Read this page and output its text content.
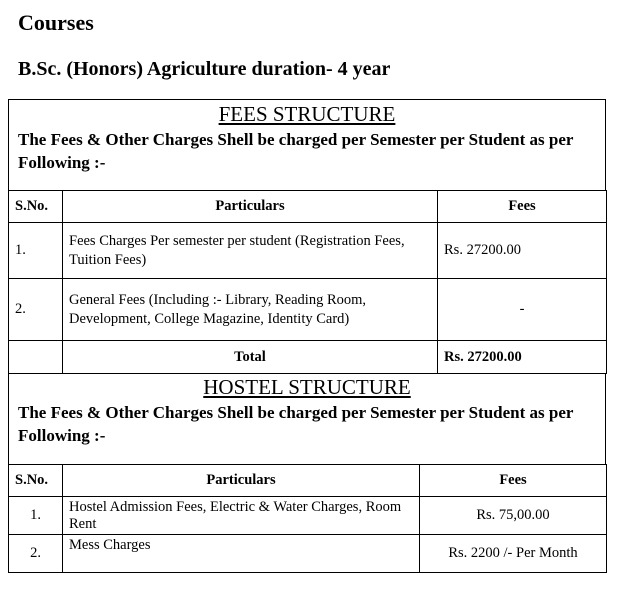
Courses
B.Sc. (Honors) Agriculture duration- 4 year
FEES STRUCTURE
The Fees & Other Charges Shell be charged per Semester per Student as per Following :-
S.No.	Particulars	Fees
1.	Fees Charges Per semester per student (Registration Fees, Tuition Fees)	Rs. 27200.00
2.	General Fees (Including :- Library, Reading Room, Development, College Magazine, Identity Card)	-
	Total	Rs. 27200.00
HOSTEL STRUCTURE
The Fees & Other Charges Shell be charged per Semester per Student as per Following :-
S.No.	Particulars	Fees
1.	Hostel Admission Fees, Electric & Water Charges, Room Rent	Rs. 75,00.00
2.	Mess Charges	Rs. 2200 /- Per Month
